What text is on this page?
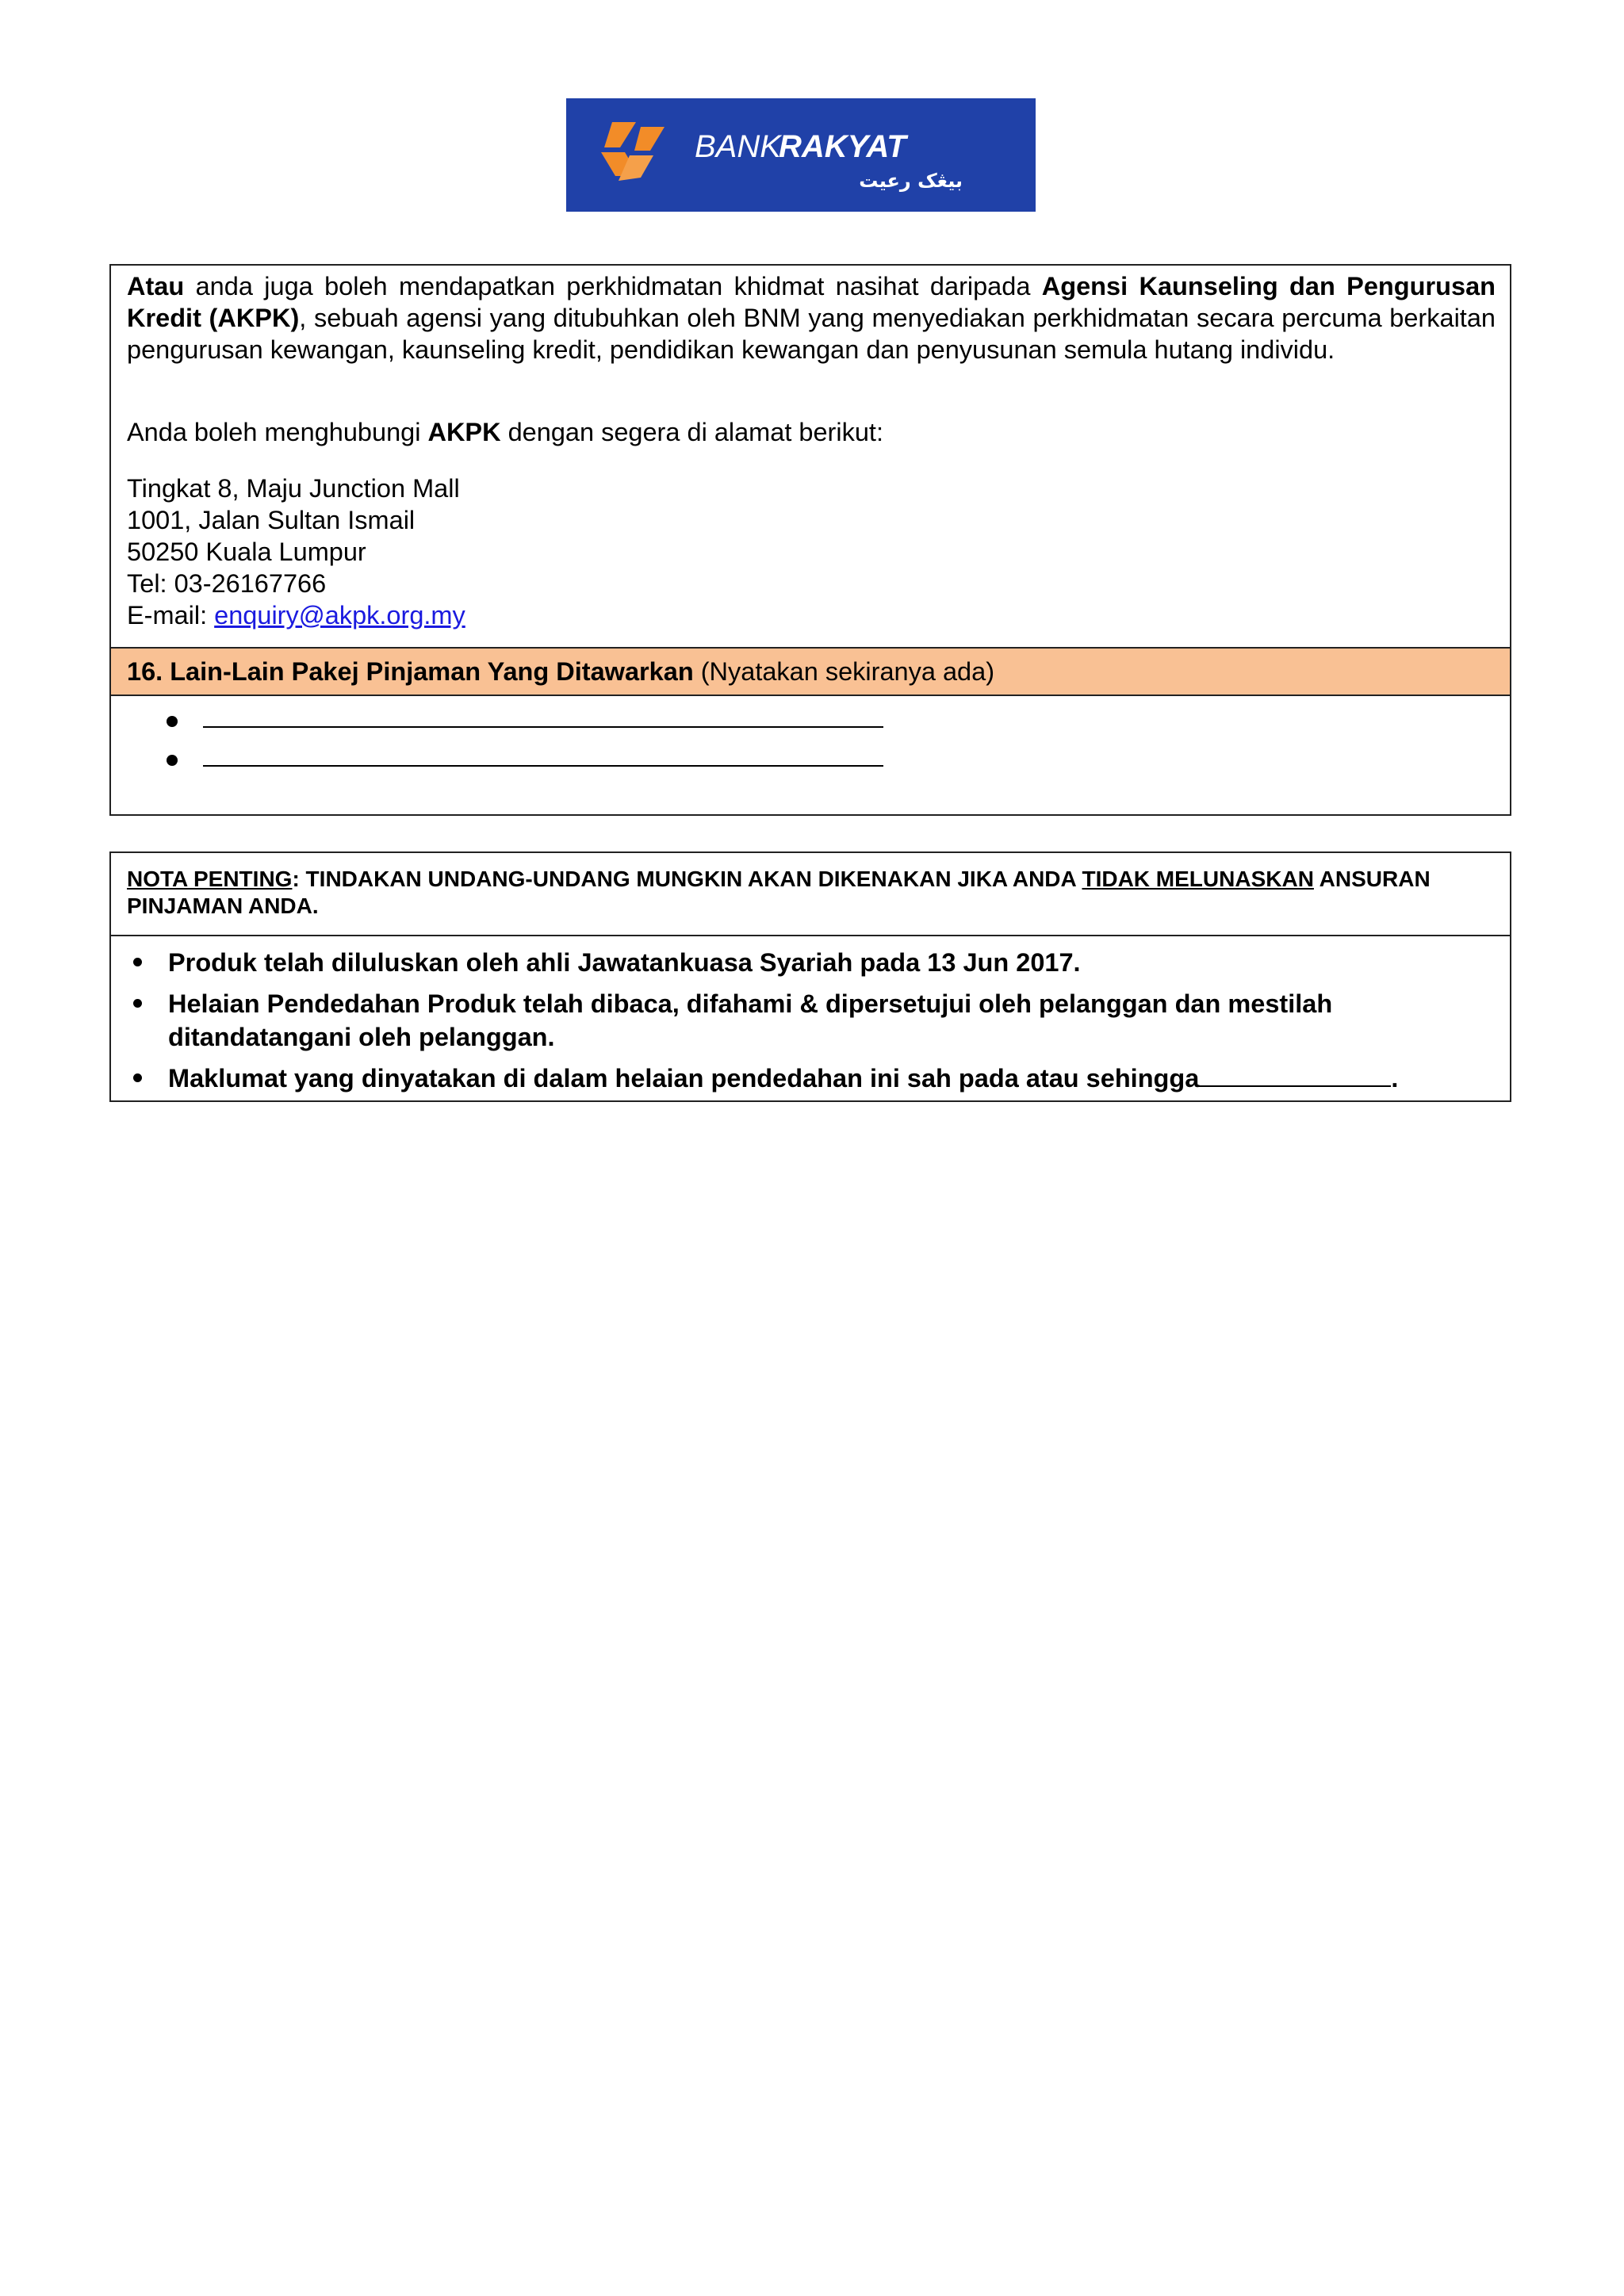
BANK
RAKYAT
بيڠک رعيت
Atau anda juga boleh mendapatkan perkhidmatan khidmat nasihat daripada Agensi Kaunseling dan Pengurusan Kredit (AKPK), sebuah agensi yang ditubuhkan oleh BNM yang menyediakan perkhidmatan secara percuma berkaitan pengurusan kewangan, kaunseling kredit, pendidikan kewangan dan penyusunan semula hutang individu.
Anda boleh menghubungi AKPK dengan segera di alamat berikut:
Tingkat 8, Maju Junction Mall
1001, Jalan Sultan Ismail
50250 Kuala Lumpur
Tel: 03-26167766
E-mail: enquiry@akpk.org.my
16. Lain-Lain Pakej Pinjaman Yang Ditawarkan (Nyatakan sekiranya ada)
NOTA PENTING: TINDAKAN UNDANG-UNDANG MUNGKIN AKAN DIKENAKAN JIKA ANDA TIDAK MELUNASKAN ANSURAN PINJAMAN ANDA.
Produk telah diluluskan oleh ahli Jawatankuasa Syariah pada 13 Jun 2017.
Helaian Pendedahan Produk telah dibaca, difahami & dipersetujui oleh pelanggan dan mestilah ditandatangani oleh pelanggan.
Maklumat yang dinyatakan di dalam helaian pendedahan ini sah pada atau sehingga	.
